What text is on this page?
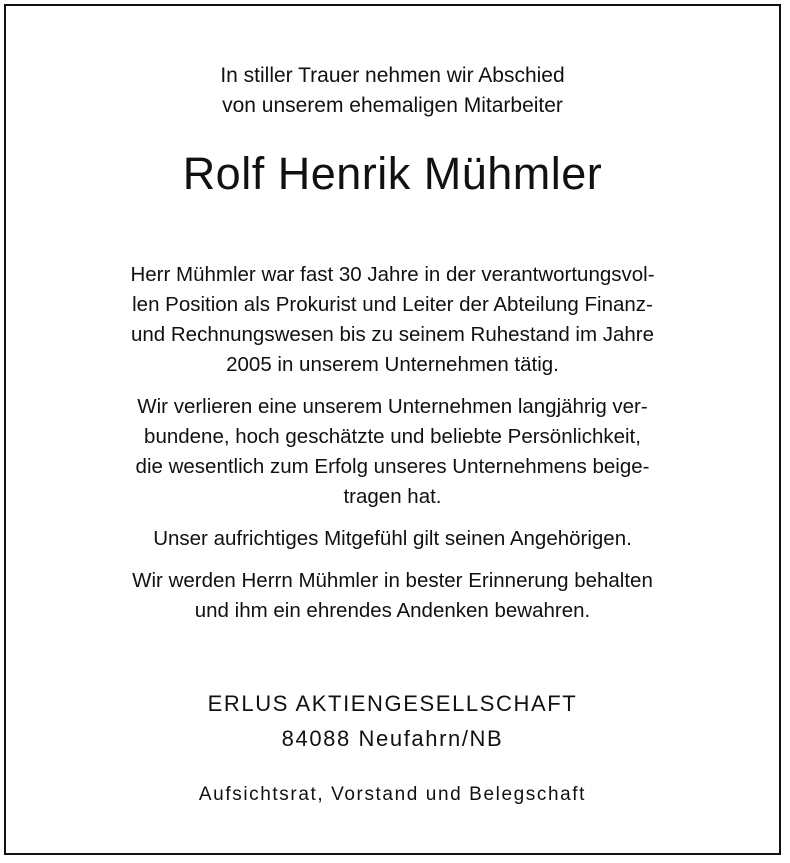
In stiller Trauer nehmen wir Abschied
von unserem ehemaligen Mitarbeiter
Rolf Henrik Mühmler

Herr Mühmler war fast 30 Jahre in der verantwortungsvol-
len Position als Prokurist und Leiter der Abteilung Finanz-
und Rechnungswesen bis zu seinem Ruhestand im Jahre
2005 in unserem Unternehmen tätig.

Wir verlieren eine unserem Unternehmen langjährig ver-
bundene, hoch geschätzte und beliebte Persönlichkeit,
die wesentlich zum Erfolg unseres Unternehmens beige-
tragen hat.

Unser aufrichtiges Mitgefühl gilt seinen Angehörigen.

Wir werden Herrn Mühmler in bester Erinnerung behalten
und ihm ein ehrendes Andenken bewahren.

ERLUS AKTIENGESELLSCHAFT
84088 Neufahrn/NB
Aufsichtsrat, Vorstand und Belegschaft
